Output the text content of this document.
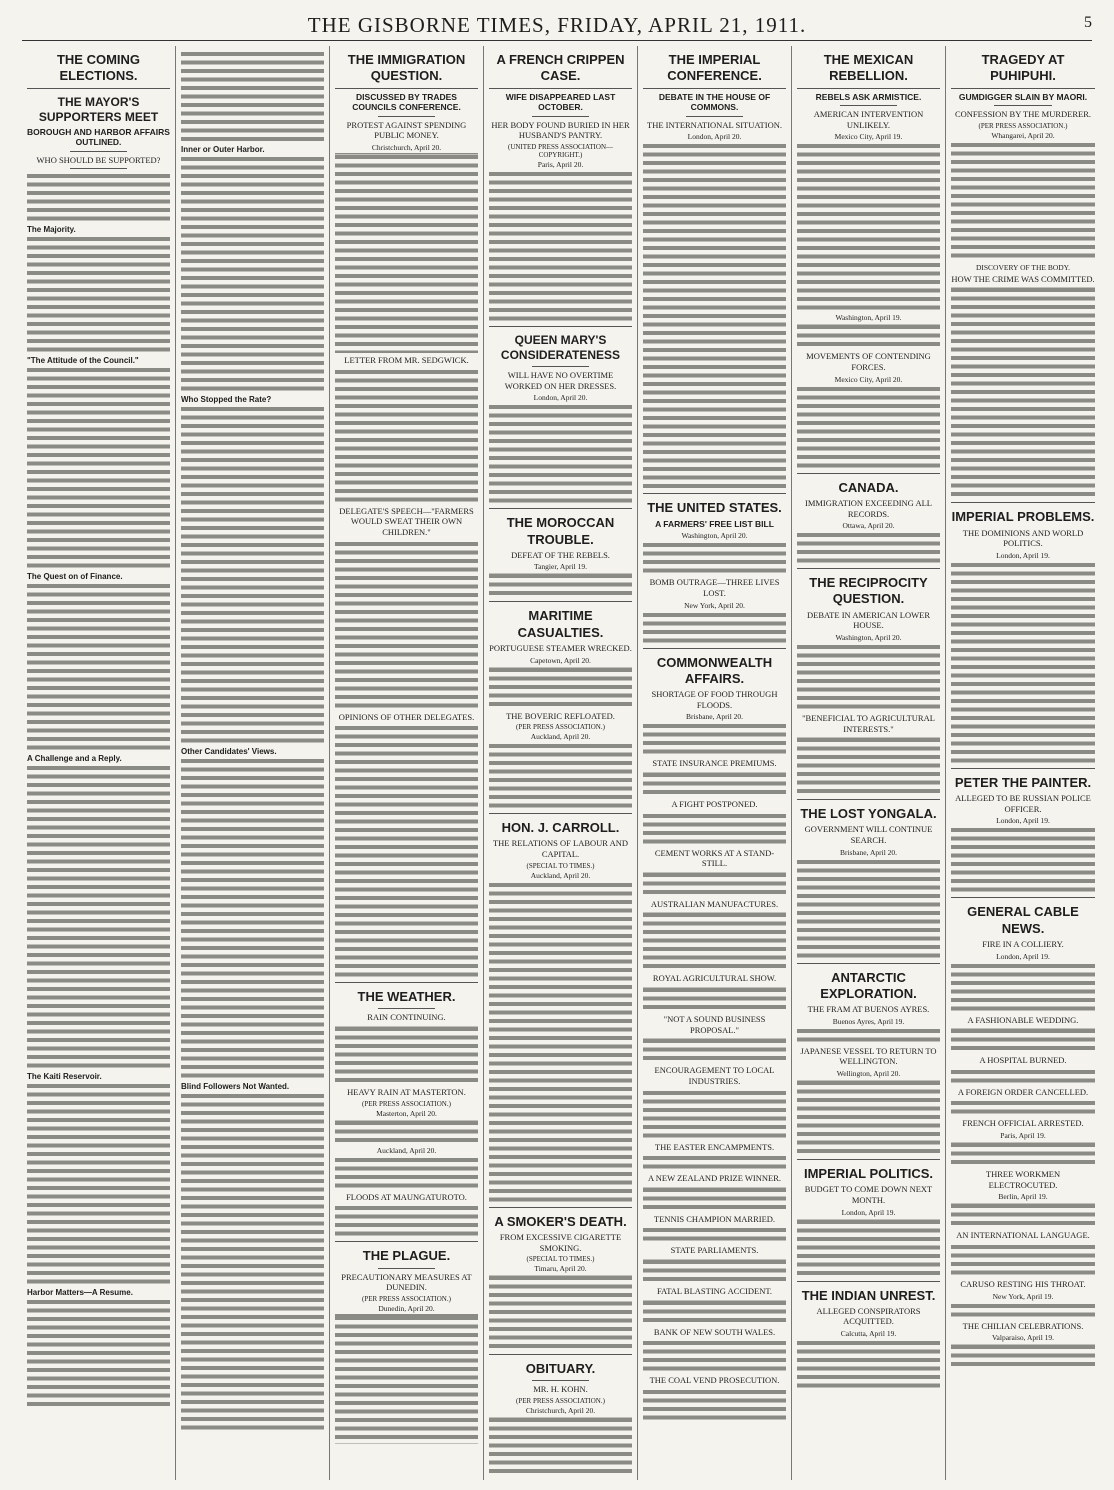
THE GISBORNE TIMES, FRIDAY, APRIL 21, 1911.	5
THE COMING ELECTIONS.
THE MAYOR'S SUPPORTERS MEET
BOROUGH AND HARBOR AFFAIRS OUTLINED.
WHO SHOULD BE SUPPORTED?
The Majority.
"The Attitude of the Council."
The Quest on of Finance.
A Challenge and a Reply.
The Kaiti Reservoir.
Harbor Matters—A Resume.
Inner or Outer Harbor.
Who Stopped the Rate?
Other Candidates' Views.
Blind Followers Not Wanted.
THE IMMIGRATION QUESTION.
DISCUSSED BY TRADES COUNCILS CONFERENCE.
PROTEST AGAINST SPENDING PUBLIC MONEY.
Christchurch, April 20.
LETTER FROM MR. SEDGWICK.
DELEGATE'S SPEECH—"FARMERS WOULD SWEAT THEIR OWN CHILDREN."
OPINIONS OF OTHER DELEGATES.
THE WEATHER.
RAIN CONTINUING.
HEAVY RAIN AT MASTERTON.
(PER PRESS ASSOCIATION.)
Masterton, April 20.
Auckland, April 20.
FLOODS AT MAUNGATUROTO.
THE PLAGUE.
PRECAUTIONARY MEASURES AT DUNEDIN.
(PER PRESS ASSOCIATION.)
Dunedin, April 20.
A FRENCH CRIPPEN CASE.
WIFE DISAPPEARED LAST OCTOBER.
HER BODY FOUND BURIED IN HER HUSBAND'S PANTRY.
(UNITED PRESS ASSOCIATION—COPYRIGHT.)
Paris, April 20.
QUEEN MARY'S CONSIDERATENESS
WILL HAVE NO OVERTIME WORKED ON HER DRESSES.
London, April 20.
THE MOROCCAN TROUBLE.
DEFEAT OF THE REBELS.
Tangier, April 19.
MARITIME CASUALTIES.
PORTUGUESE STEAMER WRECKED.
Capetown, April 20.
THE BOVERIC REFLOATED.
(PER PRESS ASSOCIATION.)
Auckland, April 20.
HON. J. CARROLL.
THE RELATIONS OF LABOUR AND CAPITAL.
(SPECIAL TO TIMES.)
Auckland, April 20.
A SMOKER'S DEATH.
FROM EXCESSIVE CIGARETTE SMOKING.
(SPECIAL TO TIMES.)
Timaru, April 20.
OBITUARY.
MR. H. KOHN.
(PER PRESS ASSOCIATION.)
Christchurch, April 20.
THE IMPERIAL CONFERENCE.
DEBATE IN THE HOUSE OF COMMONS.
THE INTERNATIONAL SITUATION.
London, April 20.
THE UNITED STATES.
A FARMERS' FREE LIST BILL
Washington, April 20.
BOMB OUTRAGE—THREE LIVES LOST.
New York, April 20.
COMMONWEALTH AFFAIRS.
SHORTAGE OF FOOD THROUGH FLOODS.
Brisbane, April 20.
STATE INSURANCE PREMIUMS.
A FIGHT POSTPONED.
CEMENT WORKS AT A STAND-STILL.
AUSTRALIAN MANUFACTURES.
ROYAL AGRICULTURAL SHOW.
"NOT A SOUND BUSINESS PROPOSAL."
ENCOURAGEMENT TO LOCAL INDUSTRIES.
THE EASTER ENCAMPMENTS.
A NEW ZEALAND PRIZE WINNER.
TENNIS CHAMPION MARRIED.
STATE PARLIAMENTS.
FATAL BLASTING ACCIDENT.
BANK OF NEW SOUTH WALES.
THE COAL VEND PROSECUTION.
THE MEXICAN REBELLION.
REBELS ASK ARMISTICE.
AMERICAN INTERVENTION UNLIKELY.
Mexico City, April 19.
Washington, April 19.
MOVEMENTS OF CONTENDING FORCES.
Mexico City, April 20.
CANADA.
IMMIGRATION EXCEEDING ALL RECORDS.
Ottawa, April 20.
THE RECIPROCITY QUESTION.
DEBATE IN AMERICAN LOWER HOUSE.
Washington, April 20.
"BENEFICIAL TO AGRICULTURAL INTERESTS."
THE LOST YONGALA.
GOVERNMENT WILL CONTINUE SEARCH.
Brisbane, April 20.
ANTARCTIC EXPLORATION.
THE FRAM AT BUENOS AYRES.
Buenos Ayres, April 19.
JAPANESE VESSEL TO RETURN TO WELLINGTON.
Wellington, April 20.
IMPERIAL POLITICS.
BUDGET TO COME DOWN NEXT MONTH.
London, April 19.
THE INDIAN UNREST.
ALLEGED CONSPIRATORS ACQUITTED.
Calcutta, April 19.
TRAGEDY AT PUHIPUHI.
GUMDIGGER SLAIN BY MAORI.
CONFESSION BY THE MURDERER.
(PER PRESS ASSOCIATION.)
Whangarei, April 20.
DISCOVERY OF THE BODY.
HOW THE CRIME WAS COMMITTED.
IMPERIAL PROBLEMS.
THE DOMINIONS AND WORLD POLITICS.
London, April 19.
PETER THE PAINTER.
ALLEGED TO BE RUSSIAN POLICE OFFICER.
London, April 19.
GENERAL CABLE NEWS.
FIRE IN A COLLIERY.
London, April 19.
A FASHIONABLE WEDDING.
A HOSPITAL BURNED.
A FOREIGN ORDER CANCELLED.
FRENCH OFFICIAL ARRESTED.
Paris, April 19.
THREE WORKMEN ELECTROCUTED.
Berlin, April 19.
AN INTERNATIONAL LANGUAGE.
CARUSO RESTING HIS THROAT.
New York, April 19.
THE CHILIAN CELEBRATIONS.
Valparaiso, April 19.
